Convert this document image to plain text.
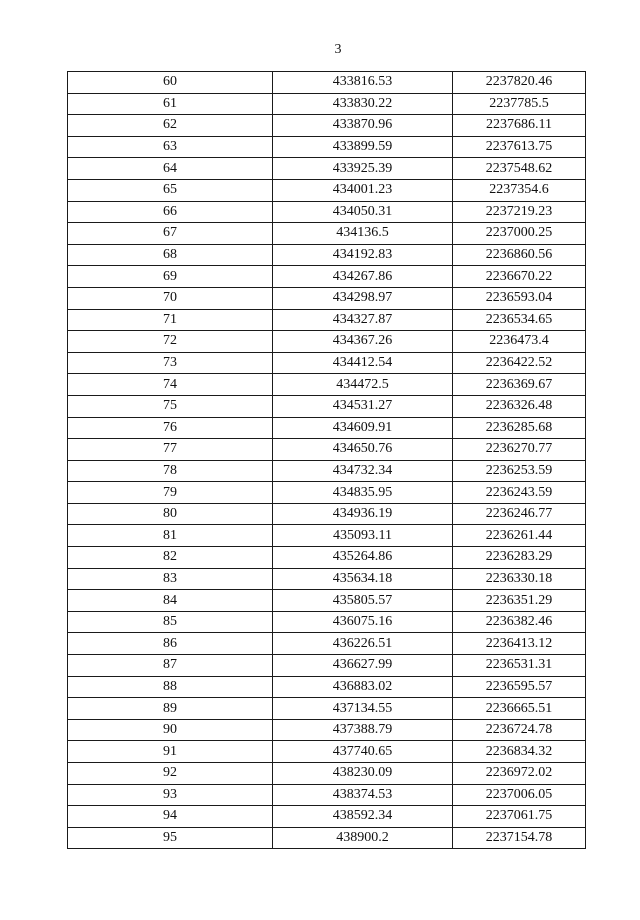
3
60	433816.53	2237820.46
61	433830.22	2237785.5
62	433870.96	2237686.11
63	433899.59	2237613.75
64	433925.39	2237548.62
65	434001.23	2237354.6
66	434050.31	2237219.23
67	434136.5	2237000.25
68	434192.83	2236860.56
69	434267.86	2236670.22
70	434298.97	2236593.04
71	434327.87	2236534.65
72	434367.26	2236473.4
73	434412.54	2236422.52
74	434472.5	2236369.67
75	434531.27	2236326.48
76	434609.91	2236285.68
77	434650.76	2236270.77
78	434732.34	2236253.59
79	434835.95	2236243.59
80	434936.19	2236246.77
81	435093.11	2236261.44
82	435264.86	2236283.29
83	435634.18	2236330.18
84	435805.57	2236351.29
85	436075.16	2236382.46
86	436226.51	2236413.12
87	436627.99	2236531.31
88	436883.02	2236595.57
89	437134.55	2236665.51
90	437388.79	2236724.78
91	437740.65	2236834.32
92	438230.09	2236972.02
93	438374.53	2237006.05
94	438592.34	2237061.75
95	438900.2	2237154.78
